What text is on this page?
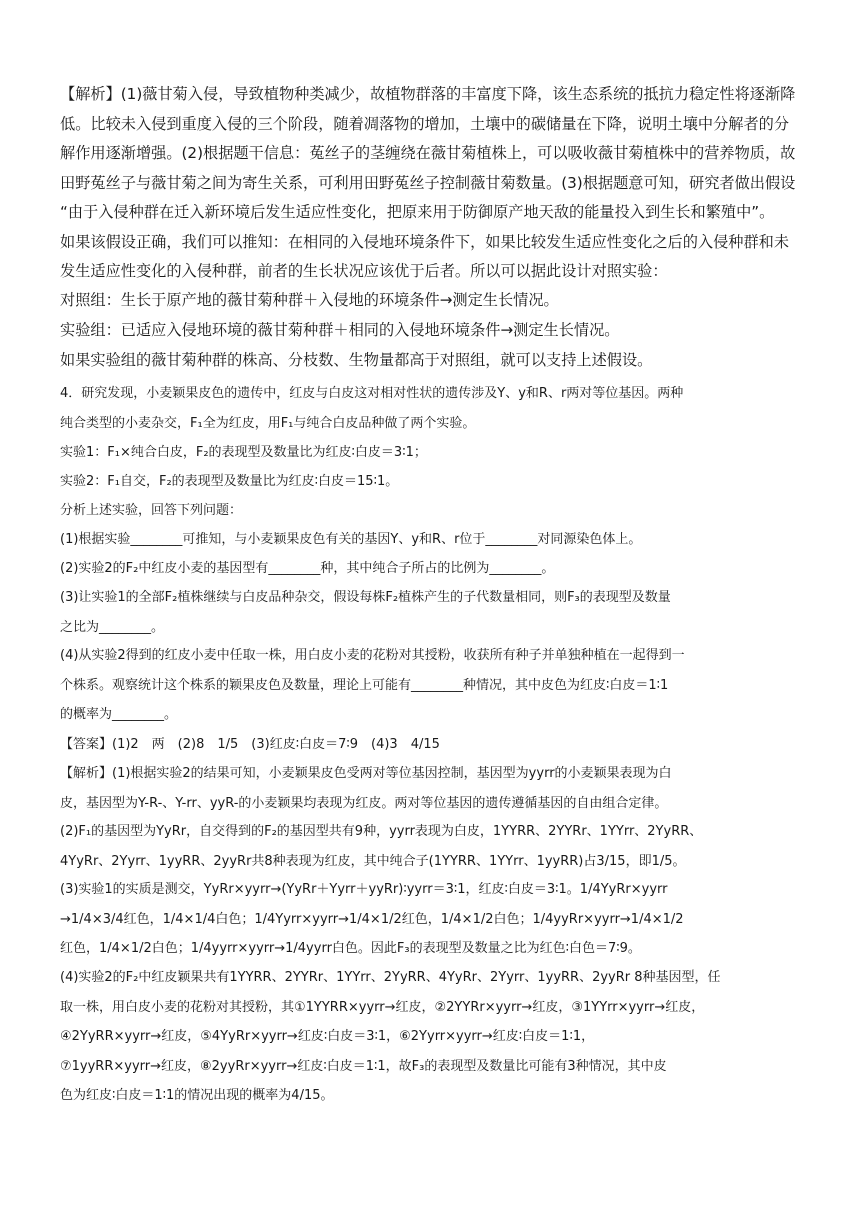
【解析】(1)薇甘菊入侵，导致植物种类减少，故植物群落的丰富度下降，该生态系统的抵抗力稳定性将逐渐降
低。比较未入侵到重度入侵的三个阶段，随着凋落物的增加，土壤中的碳储量在下降，说明土壤中分解者的分
解作用逐渐增强。(2)根据题干信息：菟丝子的茎缠绕在薇甘菊植株上，可以吸收薇甘菊植株中的营养物质，故
田野菟丝子与薇甘菊之间为寄生关系，可利用田野菟丝子控制薇甘菊数量。(3)根据题意可知，研究者做出假设
“由于入侵种群在迁入新环境后发生适应性变化，把原来用于防御原产地天敌的能量投入到生长和繁殖中”。
如果该假设正确，我们可以推知：在相同的入侵地环境条件下，如果比较发生适应性变化之后的入侵种群和未
发生适应性变化的入侵种群，前者的生长状况应该优于后者。所以可以据此设计对照实验：

对照组：生长于原产地的薇甘菊种群＋入侵地的环境条件→测定生长情况。

实验组：已适应入侵地环境的薇甘菊种群＋相同的入侵地环境条件→测定生长情况。

如果实验组的薇甘菊种群的株高、分枝数、生物量都高于对照组，就可以支持上述假设。

4．研究发现，小麦颖果皮色的遗传中，红皮与白皮这对相对性状的遗传涉及Y、y和R、r两对等位基因。两种
纯合类型的小麦杂交，F₁全为红皮，用F₁与纯合白皮品种做了两个实验。

实验1：F₁×纯合白皮，F₂的表现型及数量比为红皮∶白皮＝3∶1；

实验2：F₁自交，F₂的表现型及数量比为红皮∶白皮＝15∶1。

分析上述实验，回答下列问题：

(1)根据实验________可推知，与小麦颖果皮色有关的基因Y、y和R、r位于________对同源染色体上。

(2)实验2的F₂中红皮小麦的基因型有________种，其中纯合子所占的比例为________。

(3)让实验1的全部F₂植株继续与白皮品种杂交，假设每株F₂植株产生的子代数量相同，则F₃的表现型及数量
之比为________。

(4)从实验2得到的红皮小麦中任取一株，用白皮小麦的花粉对其授粉，收获所有种子并单独种植在一起得到一
个株系。观察统计这个株系的颖果皮色及数量，理论上可能有________种情况，其中皮色为红皮∶白皮＝1∶1
的概率为________。

【答案】(1)2　两　(2)8　1/5　(3)红皮∶白皮＝7∶9　(4)3　4/15

【解析】(1)根据实验2的结果可知，小麦颖果皮色受两对等位基因控制，基因型为yyrr的小麦颖果表现为白
皮，基因型为Y-R-、Y-rr、yyR-的小麦颖果均表现为红皮。两对等位基因的遗传遵循基因的自由组合定律。

(2)F₁的基因型为YyRr，自交得到的F₂的基因型共有9种，yyrr表现为白皮，1YYRR、2YYRr、1YYrr、2YyRR、
4YyRr、2Yyrr、1yyRR、2yyRr共8种表现为红皮，其中纯合子(1YYRR、1YYrr、1yyRR)占3/15，即1/5。

(3)实验1的实质是测交，YyRr×yyrr→(YyRr＋Yyrr＋yyRr)∶yyrr＝3∶1，红皮∶白皮＝3∶1。1/4YyRr×yyrr
→1/4×3/4红色，1/4×1/4白色；1/4Yyrr×yyrr→1/4×1/2红色，1/4×1/2白色；1/4yyRr×yyrr→1/4×1/2
红色，1/4×1/2白色；1/4yyrr×yyrr→1/4yyrr白色。因此F₃的表现型及数量之比为红色∶白色＝7∶9。

(4)实验2的F₂中红皮颖果共有1YYRR、2YYRr、1YYrr、2YyRR、4YyRr、2Yyrr、1yyRR、2yyRr 8种基因型，任
取一株，用白皮小麦的花粉对其授粉，其①1YYRR×yyrr→红皮，②2YYRr×yyrr→红皮，③1YYrr×yyrr→红皮，
④2YyRR×yyrr→红皮，⑤4YyRr×yyrr→红皮∶白皮＝3∶1，⑥2Yyrr×yyrr→红皮∶白皮＝1∶1，
⑦1yyRR×yyrr→红皮，⑧2yyRr×yyrr→红皮∶白皮＝1∶1，故F₃的表现型及数量比可能有3种情况，其中皮
色为红皮∶白皮＝1∶1的情况出现的概率为4/15。
